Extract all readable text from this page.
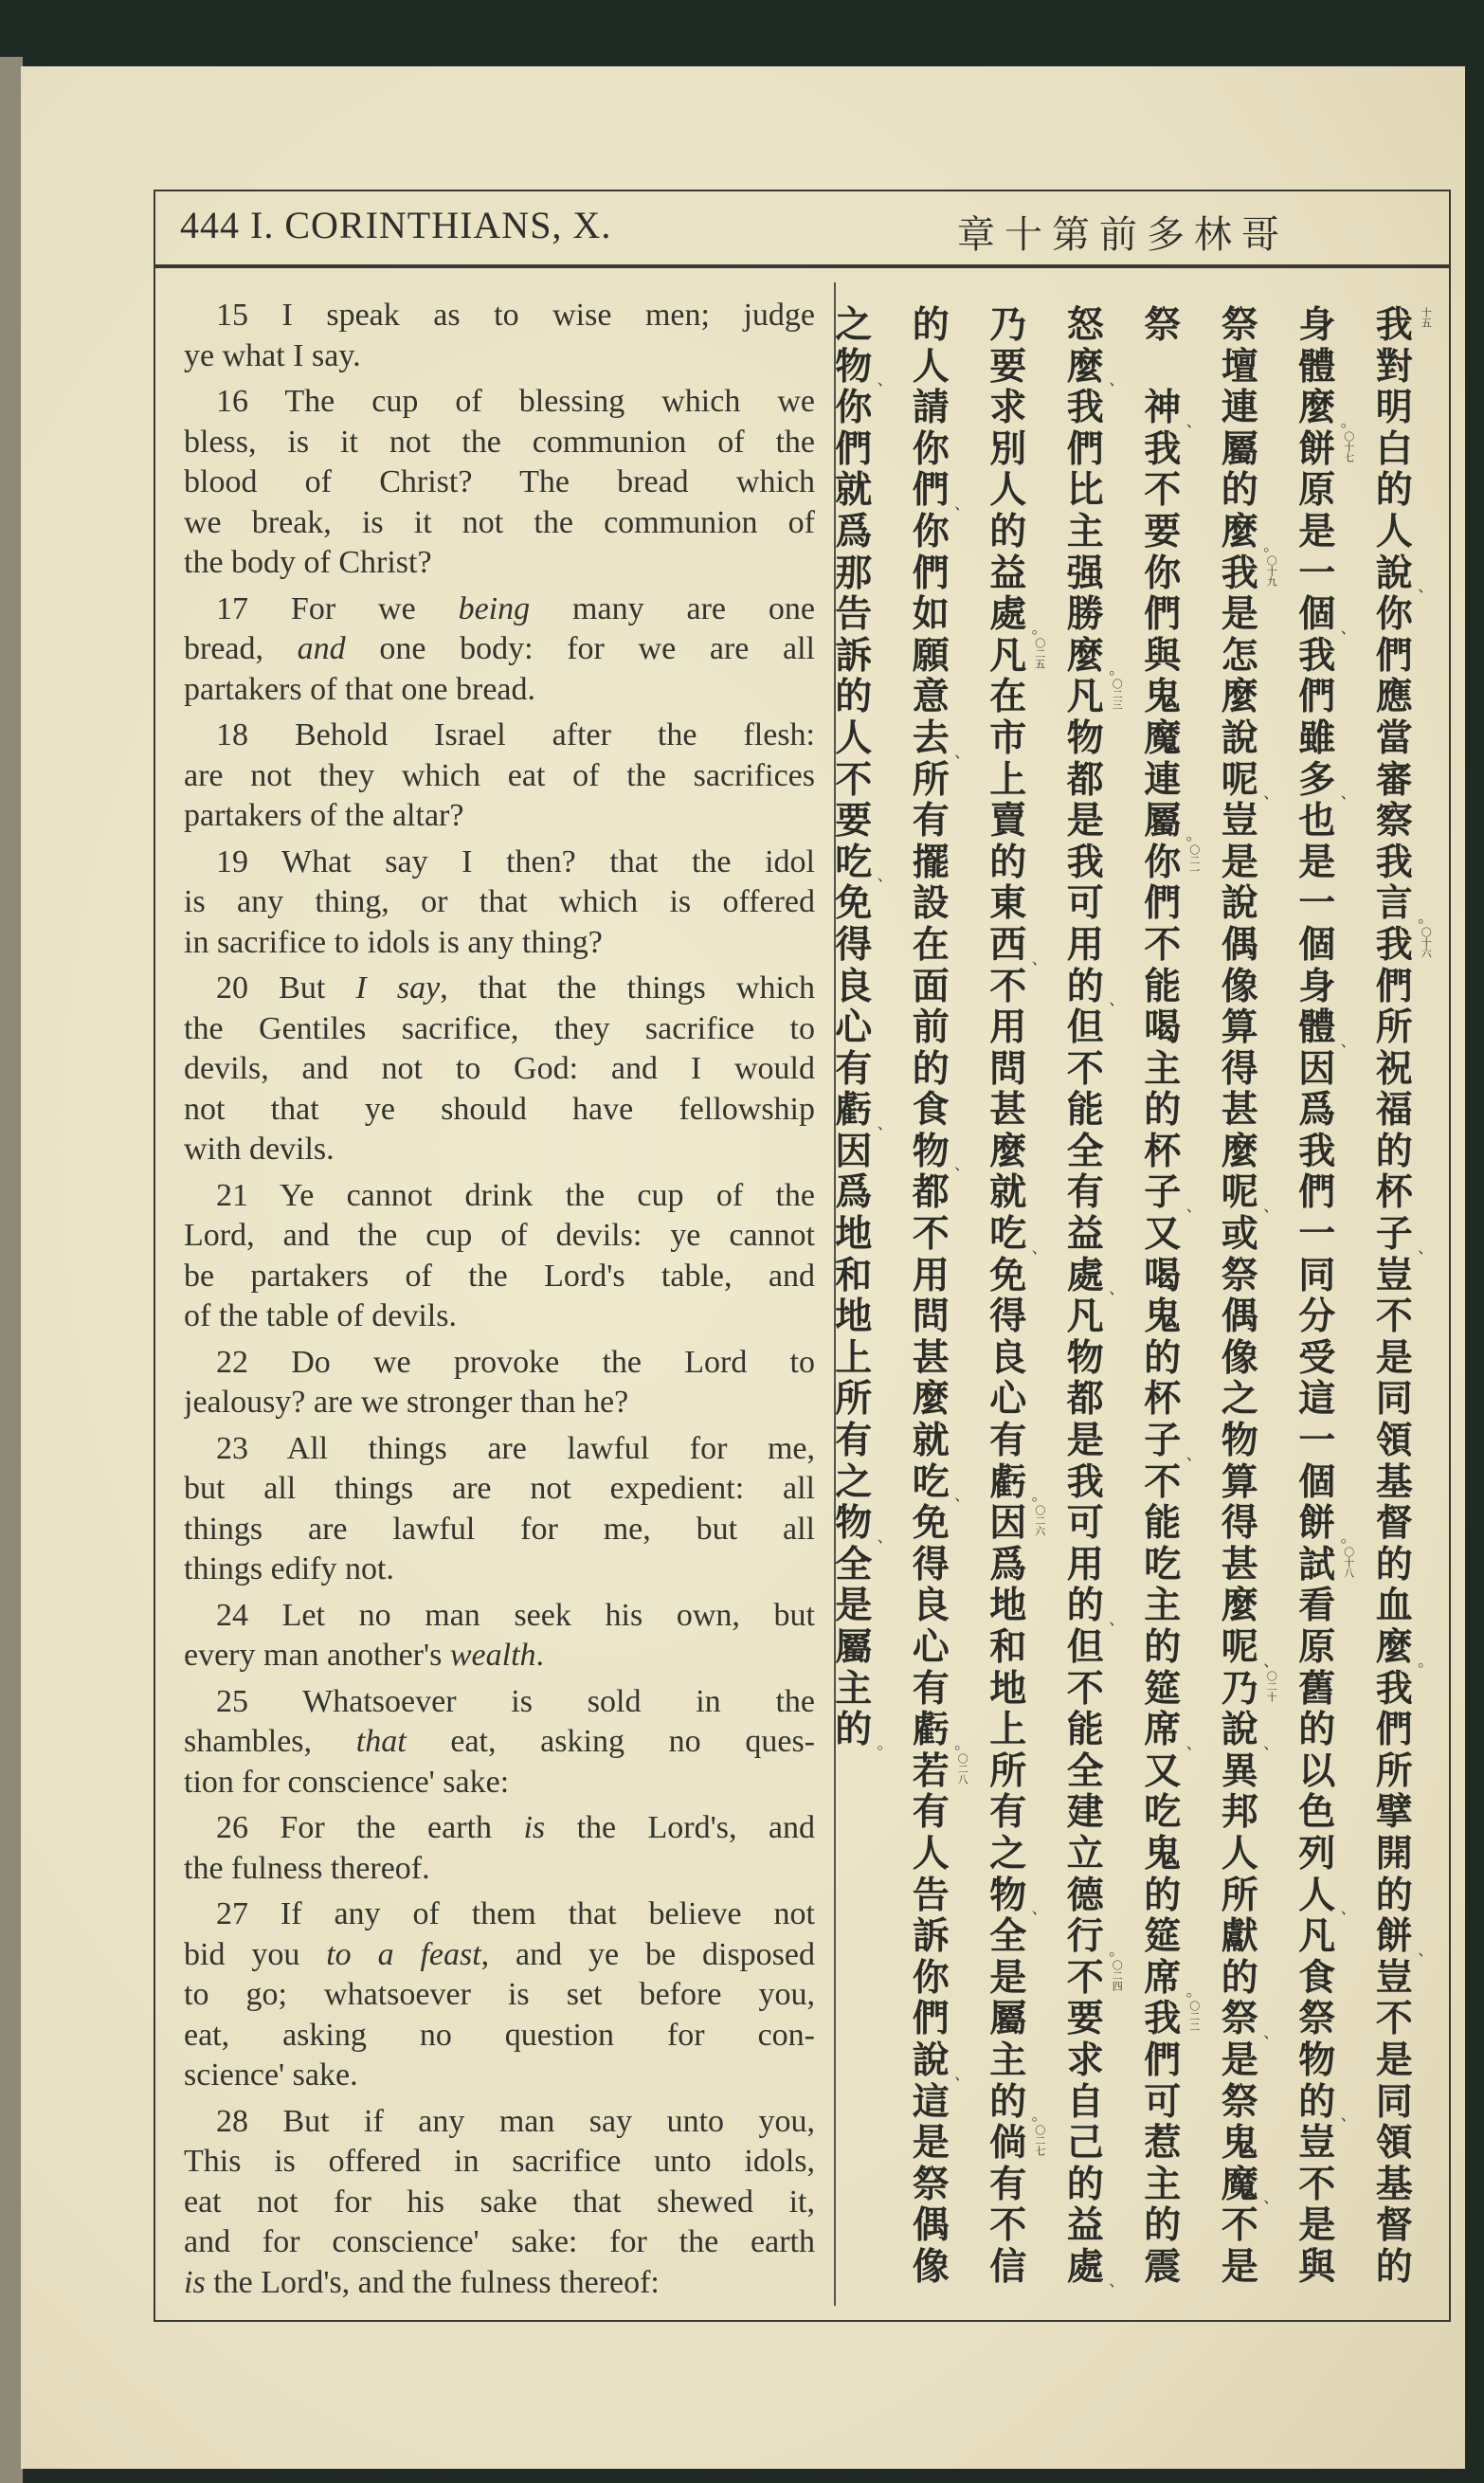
444 I. CORINTHIANS, X.	章十第前多林哥
15 I speak as to wise men; judge
ye what I say.
16 The cup of blessing which we
bless, is it not the communion of the
blood of Christ? The bread which
we break, is it not the communion of
the body of Christ?
17 For we being many are one
bread, and one body: for we are all
partakers of that one bread.
18 Behold Israel after the flesh:
are not they which eat of the sacrifices
partakers of the altar?
19 What say I then? that the idol
is any thing, or that which is offered
in sacrifice to idols is any thing?
20 But I say, that the things which
the Gentiles sacrifice, they sacrifice to
devils, and not to God: and I would
not that ye should have fellowship
with devils.
21 Ye cannot drink the cup of the
Lord, and the cup of devils: ye cannot
be partakers of the Lord's table, and
of the table of devils.
22 Do we provoke the Lord to
jealousy? are we stronger than he?
23 All things are lawful for me,
but all things are not expedient: all
things are lawful for me, but all
things edify not.
24 Let no man seek his own, but
every man another's wealth.
25 Whatsoever is sold in the
shambles, that eat, asking no ques-
tion for conscience' sake:
26 For the earth is the Lord's, and
the fulness thereof.
27 If any of them that believe not
bid you to a feast, and ye be disposed
to go; whatsoever is set before you,
eat, asking no question for con-
science' sake.
28 But if any man say unto you,
This is offered in sacrifice unto idols,
eat not for his sake that shewed it,
and for conscience' sake: for the earth
is the Lord's, and the fulness thereof:
十五
我
對
明
白
的
人
說 、
你
們
應
當
審
察
我
言 。
〇十六
我
們
所
祝
福
的
杯
子 、
豈
不
是
同
領
基
督
的
血
麼 。
我
們
所
擘
開
的
餅 、
豈
不
是
同
領
基
督
的
身
體
麼 。
〇十七
餅
原
是
一
個 、
我
們
雖
多 、
也
是
一
個
身
體 、
因
爲
我
們
一
同
分
受
這
一
個
餅 。
〇十八
試
看
原
舊
的
以
色
列
人 、
凡
食
祭
物
的 、
豈
不
是
與
祭
壇
連
屬
的
麼 。
〇十九
我
是
怎
麼
說
呢 、
豈
是
說
偶
像
算
得
甚
麼
呢 、
或
祭
偶
像
之
物
算
得
甚
麼
呢 、
〇二十
乃
說 、
異
邦
人
所
獻
的
祭 、
是
祭
鬼
魔 、
不
是
祭

神 、
我
不
要
你
們
與
鬼
魔
連
屬 。
〇二一
你
們
不
能
喝
主
的
杯
子 、
又
喝
鬼
的
杯
子 、
不
能
吃
主
的
筵
席 、
又
吃
鬼
的
筵
席 。
〇二二
我
們
可
惹
主
的
震
怒
麼 、
我
們
比
主
强
勝
麼 。
〇二三
凡
物
都
是
我
可
用
的 、
但
不
能
全
有
益
處 、
凡
物
都
是
我
可
用
的 、
但
不
能
全
建
立
德
行 。
〇二四
不
要
求
自
己
的
益
處 、
乃
要
求
別
人
的
益
處 。
〇二五
凡
在
市
上
賣
的
東
西 、
不
用
問
甚
麼
就
吃 、
免
得
良
心
有
虧 。
〇二六
因
爲
地
和
地
上
所
有
之
物 、
全
是
屬
主
的 。
〇二七
倘
有
不
信
的
人
請
你
們 、
你
們
如
願
意
去 、
所
有
擺
設
在
面
前
的
食
物 、
都
不
用
問
甚
麼
就
吃 、
免
得
良
心
有
虧 。
〇二八
若
有
人
告
訴
你
們
說 、
這
是
祭
偶
像
之
物 、
你
們
就
爲
那
告
訴
的
人
不
要
吃 、
免
得
良
心
有
虧 、
因
爲
地
和
地
上
所
有
之
物 、
全
是
屬
主
的 。
